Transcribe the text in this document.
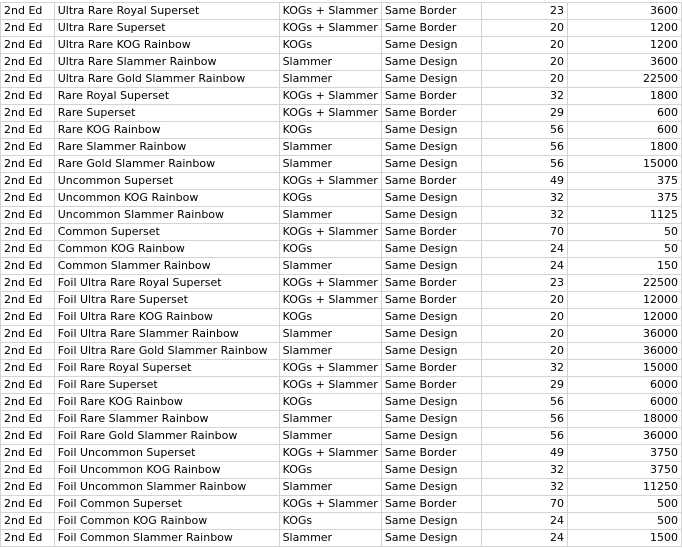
2nd Ed	Ultra Rare Royal Superset	KOGs + Slammer	Same Border	23	3600
2nd Ed	Ultra Rare Superset	KOGs + Slammer	Same Border	20	1200
2nd Ed	Ultra Rare KOG Rainbow	KOGs	Same Design	20	1200
2nd Ed	Ultra Rare Slammer Rainbow	Slammer	Same Design	20	3600
2nd Ed	Ultra Rare Gold Slammer Rainbow	Slammer	Same Design	20	22500
2nd Ed	Rare Royal Superset	KOGs + Slammer	Same Border	32	1800
2nd Ed	Rare Superset	KOGs + Slammer	Same Border	29	600
2nd Ed	Rare KOG Rainbow	KOGs	Same Design	56	600
2nd Ed	Rare Slammer Rainbow	Slammer	Same Design	56	1800
2nd Ed	Rare Gold Slammer Rainbow	Slammer	Same Design	56	15000
2nd Ed	Uncommon Superset	KOGs + Slammer	Same Border	49	375
2nd Ed	Uncommon KOG Rainbow	KOGs	Same Design	32	375
2nd Ed	Uncommon Slammer Rainbow	Slammer	Same Design	32	1125
2nd Ed	Common Superset	KOGs + Slammer	Same Border	70	50
2nd Ed	Common KOG Rainbow	KOGs	Same Design	24	50
2nd Ed	Common Slammer Rainbow	Slammer	Same Design	24	150
2nd Ed	Foil Ultra Rare Royal Superset	KOGs + Slammer	Same Border	23	22500
2nd Ed	Foil Ultra Rare Superset	KOGs + Slammer	Same Border	20	12000
2nd Ed	Foil Ultra Rare KOG Rainbow	KOGs	Same Design	20	12000
2nd Ed	Foil Ultra Rare Slammer Rainbow	Slammer	Same Design	20	36000
2nd Ed	Foil Ultra Rare Gold Slammer Rainbow	Slammer	Same Design	20	36000
2nd Ed	Foil Rare Royal Superset	KOGs + Slammer	Same Border	32	15000
2nd Ed	Foil Rare Superset	KOGs + Slammer	Same Border	29	6000
2nd Ed	Foil Rare KOG Rainbow	KOGs	Same Design	56	6000
2nd Ed	Foil Rare Slammer Rainbow	Slammer	Same Design	56	18000
2nd Ed	Foil Rare Gold Slammer Rainbow	Slammer	Same Design	56	36000
2nd Ed	Foil Uncommon Superset	KOGs + Slammer	Same Border	49	3750
2nd Ed	Foil Uncommon KOG Rainbow	KOGs	Same Design	32	3750
2nd Ed	Foil Uncommon Slammer Rainbow	Slammer	Same Design	32	11250
2nd Ed	Foil Common Superset	KOGs + Slammer	Same Border	70	500
2nd Ed	Foil Common KOG Rainbow	KOGs	Same Design	24	500
2nd Ed	Foil Common Slammer Rainbow	Slammer	Same Design	24	1500
